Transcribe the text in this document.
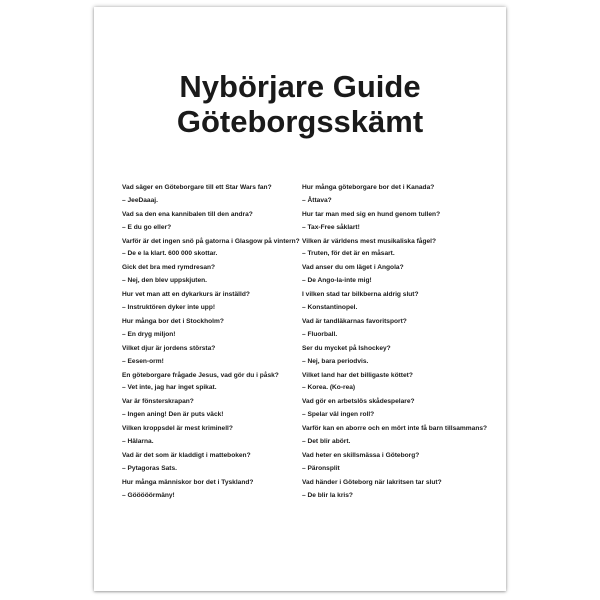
Nybörjare Guide
Göteborgsskämt
Vad säger en Göteborgare till ett Star Wars fan?
– JeeDaaaj.
Vad sa den ena kannibalen till den andra?
– E du go eller?
Varför är det ingen snö på gatorna i Glasgow på vintern?
– De e la klart. 600 000 skottar.
Gick det bra med rymdresan?
– Nej, den blev uppskjuten.
Hur vet man att en dykarkurs är inställd?
– Instruktören dyker inte upp!
Hur många bor det i Stockholm?
– En dryg miljon!
Vilket djur är jordens största?
– Eesen-orm!
En göteborgare frågade Jesus, vad gör du i påsk?
– Vet inte, jag har inget spikat.
Var är fönsterskrapan?
– Ingen aning! Den är puts väck!
Vilken kroppsdel är mest kriminell?
– Hälarna.
Vad är det som är kladdigt i matteboken?
– Pytagoras Sats.
Hur många människor bor det i Tyskland?
– Gööööörmäny!
Hur många göteborgare bor det i Kanada?
– Åttava?
Hur tar man med sig en hund genom tullen?
– Tax-Free såklart!
Vilken är världens mest musikaliska fågel?
– Truten, för det är en måsart.
Vad anser du om läget i Angola?
– De Ango-la-inte mig!
I vilken stad tar bilkberna aldrig slut?
– Konstantinopel.
Vad är tandläkarnas favoritsport?
– Fluorball.
Ser du mycket på Ishockey?
– Nej, bara periodvis.
Vilket land har det billigaste köttet?
– Korea. (Ko-rea)
Vad gör en arbetslös skådespelare?
– Spelar väl ingen roll?
Varför kan en aborre och en mört inte få barn tillsammans?
– Det blir abört.
Vad heter en skillsmässa i Göteborg?
– Päronsplit
Vad händer i Göteborg när lakritsen tar slut?
– De blir la kris?
